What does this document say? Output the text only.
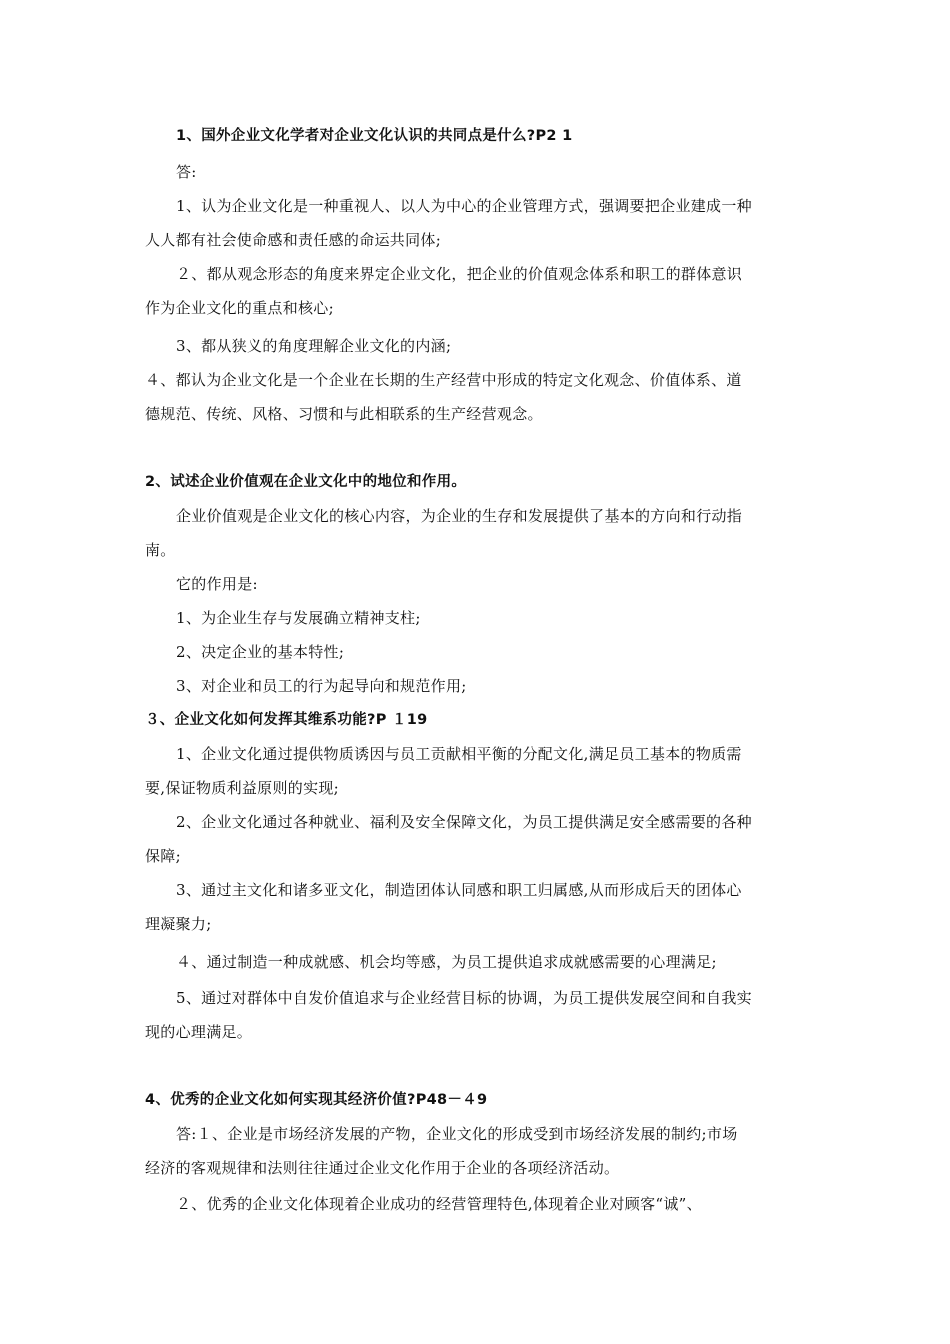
1、国外企业文化学者对企业文化认识的共同点是什么?P2 1
答:
1、认为企业文化是一种重视人、以人为中心的企业管理方式，强调要把企业建成一种
人人都有社会使命感和责任感的命运共同体;
２、都从观念形态的角度来界定企业文化，把企业的价值观念体系和职工的群体意识
作为企业文化的重点和核心;
3、都从狭义的角度理解企业文化的内涵;
４、都认为企业文化是一个企业在长期的生产经营中形成的特定文化观念、价值体系、道
德规范、传统、风格、习惯和与此相联系的生产经营观念。
2、试述企业价值观在企业文化中的地位和作用。
企业价值观是企业文化的核心内容，为企业的生存和发展提供了基本的方向和行动指
南。
它的作用是:
1、为企业生存与发展确立精神支柱;
2、决定企业的基本特性;
3、对企业和员工的行为起导向和规范作用;
３、企业文化如何发挥其维系功能?P １19
1、企业文化通过提供物质诱因与员工贡献相平衡的分配文化,满足员工基本的物质需
要,保证物质利益原则的实现;
2、企业文化通过各种就业、福利及安全保障文化，为员工提供满足安全感需要的各种
保障;
3、通过主文化和诸多亚文化，制造团体认同感和职工归属感,从而形成后天的团体心
理凝聚力;
４、通过制造一种成就感、机会均等感，为员工提供追求成就感需要的心理满足;
5、通过对群体中自发价值追求与企业经营目标的协调，为员工提供发展空间和自我实
现的心理满足。
4、优秀的企业文化如何实现其经济价值?P48－４9
答:１、企业是市场经济发展的产物，企业文化的形成受到市场经济发展的制约;市场
经济的客观规律和法则往往通过企业文化作用于企业的各项经济活动。
２、优秀的企业文化体现着企业成功的经营管理特色,体现着企业对顾客“诚”、
